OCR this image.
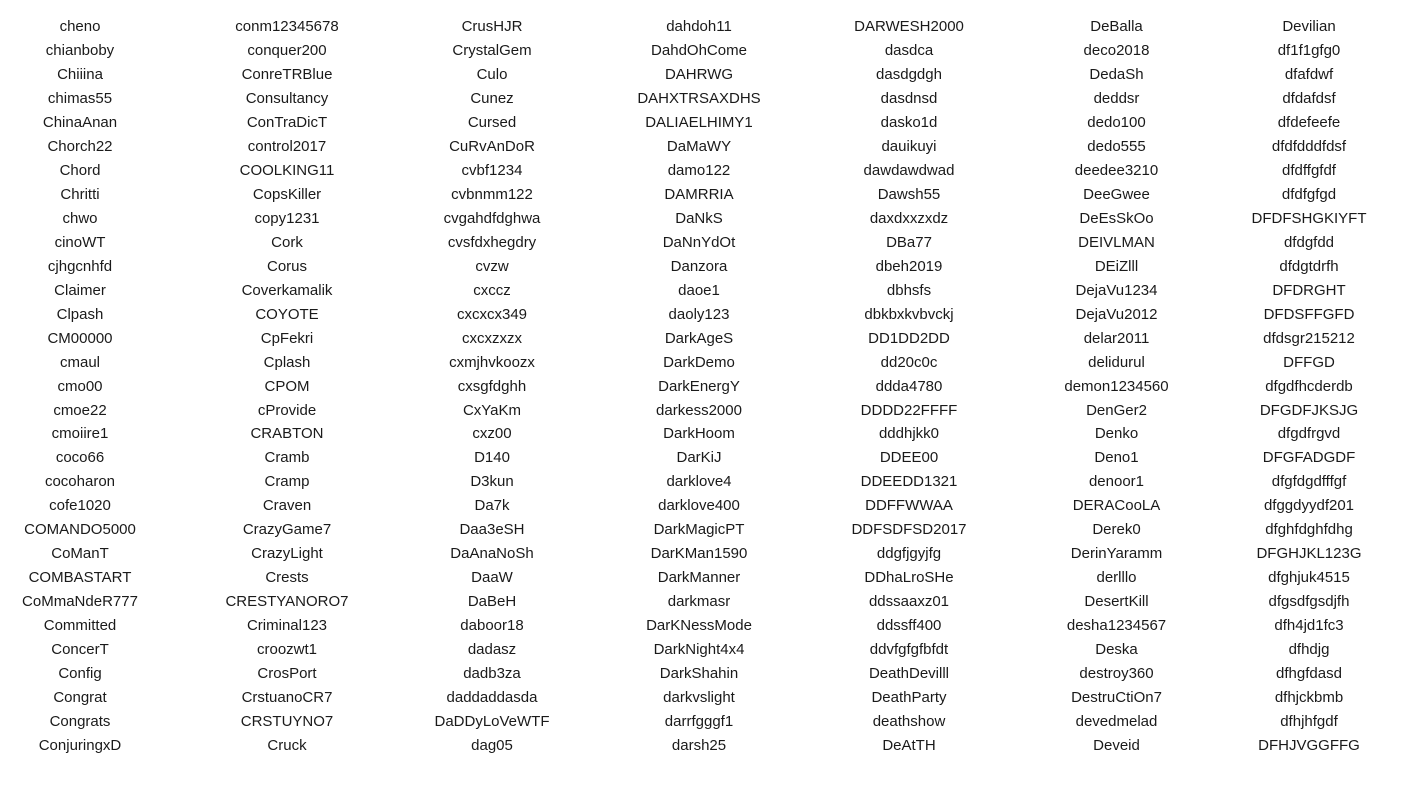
cheno	conm12345678	CrusHJR	dahdoh11	DARWESH2000	DeBalla	Devilian
chianboby	conquer200	CrystalGem	DahdOhCome	dasdca	deco2018	df1f1gfg0
Chiiina	ConreTRBlue	Culo	DAHRWG	dasdgdgh	DedaSh	dfafdwf
chimas55	Consultancy	Cunez	DAHXTRSAXDHS	dasdnsd	deddsr	dfdafdsf
ChinaAnan	ConTraDicT	Cursed	DALIAELHIMY1	dasko1d	dedo100	dfdefeefe
Chorch22	control2017	CuRvAnDoR	DaMaWY	dauikuyi	dedo555	dfdfdddfdsf
Chord	COOLKING11	cvbf1234	damo122	dawdawdwad	deedee3210	dfdffgfdf
Chritti	CopsKiller	cvbnmm122	DAMRRIA	Dawsh55	DeeGwee	dfdfgfgd
chwo	copy1231	cvgahdfdghwa	DaNkS	daxdxxzxdz	DeEsSkOo	DFDFSHGKIYFT
cinoWT	Cork	cvsfdxhegdry	DaNnYdOt	DBa77	DEIVLMAN	dfdgfdd
cjhgcnhfd	Corus	cvzw	Danzora	dbeh2019	DEiZlll	dfdgtdrfh
Claimer	Coverkamalik	cxccz	daoe1	dbhsfs	DejaVu1234	DFDRGHT
Clpash	COYOTE	cxcxcx349	daoly123	dbkbxkvbvckj	DejaVu2012	DFDSFFGFD
CM00000	CpFekri	cxcxzxzx	DarkAgeS	DD1DD2DD	delar2011	dfdsgr215212
cmaul	Cplash	cxmjhvkoozx	DarkDemo	dd20c0c	delidurul	DFFGD
cmo00	CPOM	cxsgfdghh	DarkEnergY	ddda4780	demon1234560	dfgdfhcderdb
cmoe22	cProvide	CxYaKm	darkess2000	DDDD22FFFF	DenGer2	DFGDFJKSJG
cmoiire1	CRABTON	cxz00	DarkHoom	dddhjkk0	Denko	dfgdfrgvd
coco66	Cramb	D140	DarKiJ	DDEE00	Deno1	DFGFADGDF
cocoharon	Cramp	D3kun	darklove4	DDEEDD1321	denoor1	dfgfdgdfffgf
cofe1020	Craven	Da7k	darklove400	DDFFWWAA	DERACooLA	dfggdyydf201
COMANDO5000	CrazyGame7	Daa3eSH	DarkMagicPT	DDFSDFSD2017	Derek0	dfghfdghfdhg
CoManT	CrazyLight	DaAnaNoSh	DarKMan1590	ddgfjgyjfg	DerinYaramm	DFGHJKL123G
COMBASTART	Crests	DaaW	DarkManner	DDhaLroSHe	derlllo	dfghjuk4515
CoMmaNdeR777	CRESTYANORO7	DaBeH	darkmasr	ddssaaxz01	DesertKill	dfgsdfgsdjfh
Committed	Criminal123	daboor18	DarKNessMode	ddssff400	desha1234567	dfh4jd1fc3
ConcerT	croozwt1	dadasz	DarkNight4x4	ddvfgfgfbfdt	Deska	dfhdjg
Config	CrosPort	dadb3za	DarkShahin	DeathDevilll	destroy360	dfhgfdasd
Congrat	CrstuanoCR7	daddaddasda	darkvslight	DeathParty	DestruCtiOn7	dfhjckbmb
Congrats	CRSTUYNO7	DaDDyLoVeWTF	darrfgggf1	deathshow	devedmelad	dfhjhfgdf
ConjuringxD	Cruck	dag05	darsh25	DeAtTH	Deveid	DFHJVGGFFG
